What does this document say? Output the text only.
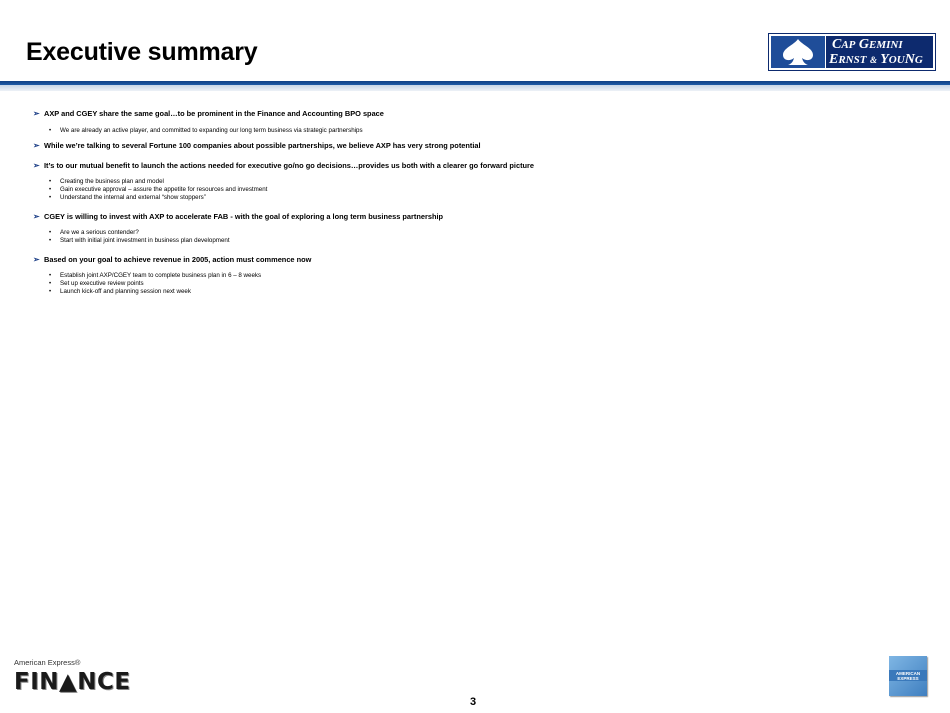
Executive summary	CAP GEMINI
ERNST & YOUNG
➢ AXP and CGEY share the same goal…to be prominent in the Finance and Accounting BPO space
• We are already an active player, and committed to expanding our long term business via strategic partnerships
➢ While we’re talking to several Fortune 100 companies about possible partnerships, we believe AXP has very strong potential
➢ It’s to our mutual benefit to launch the actions needed for executive go/no go decisions…provides us both with a clearer go forward picture
• Creating the business plan and model
• Gain executive approval – assure the appetite for resources and investment
• Understand the internal and external “show stoppers”
➢ CGEY is willing to invest with AXP to accelerate FAB - with the goal of exploring a long term business partnership
• Are we a serious contender?
• Start with initial joint investment in business plan development
➢ Based on your goal to achieve revenue in 2005, action must commence now
• Establish joint AXP/CGEY team to complete business plan in 6 – 8 weeks
• Set up executive review points
• Launch kick-off and planning session next week
American Express®
FIN▲NCE
3
AMERICAN
EXPRESS
